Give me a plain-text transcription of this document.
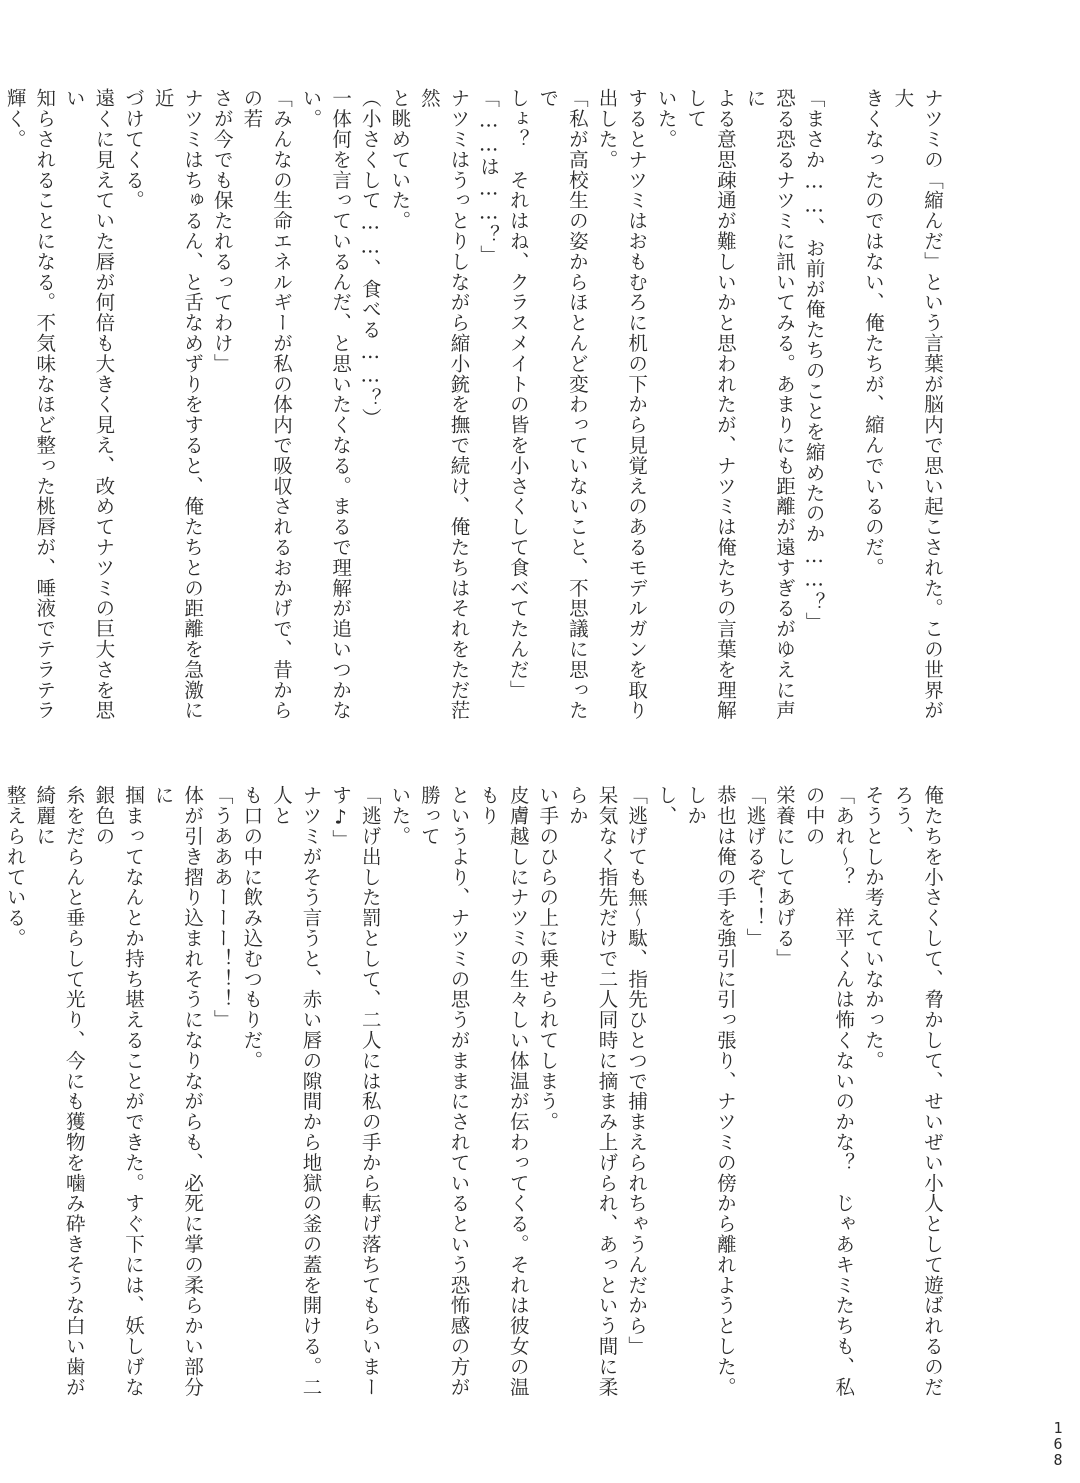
ナツミの「縮んだ」という言葉が脳内で思い起こされた。この世界が大

きくなったのではない、俺たちが、縮んでいるのだ。

「まさか……、お前が俺たちのことを縮めたのか……？」

恐る恐るナツミに訊いてみる。あまりにも距離が遠すぎるがゆえに声に

よる意思疎通が難しいかと思われたが、ナツミは俺たちの言葉を理解して

いた。

するとナツミはおもむろに机の下から見覚えのあるモデルガンを取り

出した。

「私が高校生の姿からほとんど変わっていないこと、不思議に思ったで

しょ？　それはね、クラスメイトの皆を小さくして食べてたんだ」

「……は……？」

ナツミはうっとりしながら縮小銃を撫で続け、俺たちはそれをただ茫然

と眺めていた。

（小さくして……、食べる……？）

一体何を言っているんだ、と思いたくなる。まるで理解が追いつかない。

「みんなの生命エネルギーが私の体内で吸収されるおかげで、昔からの若

さが今でも保たれるってわけ」

ナツミはちゅるん、と舌なめずりをすると、俺たちとの距離を急激に近

づけてくる。

遠くに見えていた唇が何倍も大きく見え、改めてナツミの巨大さを思い

知らされることになる。不気味なほど整った桃唇が、唾液でテラテラ輝く。

俺たちを小さくして、脅かして、せいぜい小人として遊ばれるのだろう、

そうとしか考えていなかった。

「あれ～？　祥平くんは怖くないのかな？　じゃあキミたちも、私の中の

栄養にしてあげる」

「逃げるぞ！！」

恭也は俺の手を強引に引っ張り、ナツミの傍から離れようとした。しか

し、

「逃げても無～駄、指先ひとつで捕まえられちゃうんだから」

呆気なく指先だけで二人同時に摘まみ上げられ、あっという間に柔らか

い手のひらの上に乗せられてしまう。

皮膚越しにナツミの生々しい体温が伝わってくる。それは彼女の温もり

というより、ナツミの思うがままにされているという恐怖感の方が勝って

いた。

「逃げ出した罰として、二人には私の手から転げ落ちてもらいまーす♪」

ナツミがそう言うと、赤い唇の隙間から地獄の釜の蓋を開ける。二人と

も口の中に飲み込むつもりだ。

「うあああーーー！！！」

体が引き摺り込まれそうになりながらも、必死に掌の柔らかい部分に

掴まってなんとか持ち堪えることができた。すぐ下には、妖しげな銀色の

糸をだらんと垂らして光り、今にも獲物を噛み砕きそうな白い歯が綺麗に

整えられている。

1
6
8
